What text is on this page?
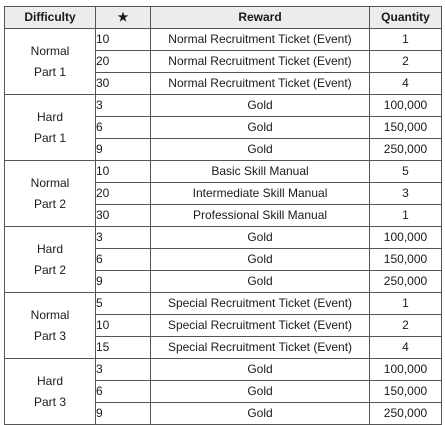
Difficulty	★	Reward	Quantity

Normal
Part 1	10	Normal Recruitment Ticket (Event)	1
	20	Normal Recruitment Ticket (Event)	2
	30	Normal Recruitment Ticket (Event)	4

Hard
Part 1	3	Gold	100,000
	6	Gold	150,000
	9	Gold	250,000

Normal
Part 2	10	Basic Skill Manual	5
	20	Intermediate Skill Manual	3
	30	Professional Skill Manual	1

Hard
Part 2	3	Gold	100,000
	6	Gold	150,000
	9	Gold	250,000

Normal
Part 3	5	Special Recruitment Ticket (Event)	1
	10	Special Recruitment Ticket (Event)	2
	15	Special Recruitment Ticket (Event)	4

Hard
Part 3	3	Gold	100,000
	6	Gold	150,000
	9	Gold	250,000
